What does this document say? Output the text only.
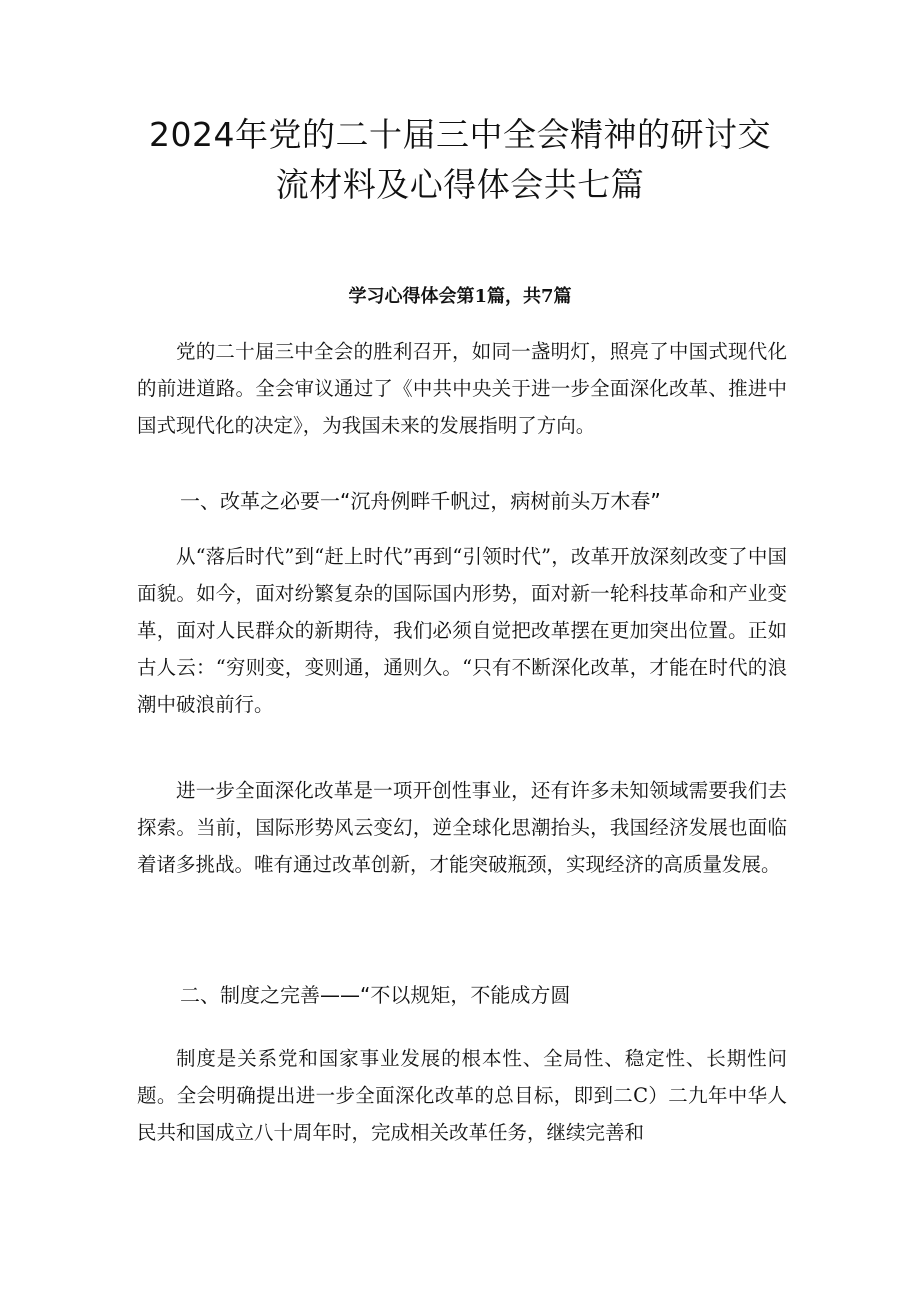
2024年党的二十届三中全会精神的研讨交
流材料及心得体会共七篇

学习心得体会第1篇，共7篇

党的二十届三中全会的胜利召开，如同一盏明灯，照亮了中国式现代化的前进道路。全会审议通过了《中共中央关于进一步全面深化改革、推进中国式现代化的决定》，为我国未来的发展指明了方向。

一、改革之必要一“沉舟例畔千帆过，病树前头万木春”

从“落后时代”到“赶上时代”再到“引领时代”，改革开放深刻改变了中国面貌。如今，面对纷繁复杂的国际国内形势，面对新一轮科技革命和产业变革，面对人民群众的新期待，我们必须自觉把改革摆在更加突出位置。正如古人云：“穷则变，变则通，通则久。“只有不断深化改革，才能在时代的浪潮中破浪前行。

进一步全面深化改革是一项开创性事业，还有许多未知领域需要我们去探索。当前，国际形势风云变幻，逆全球化思潮抬头，我国经济发展也面临着诸多挑战。唯有通过改革创新，才能突破瓶颈，实现经济的高质量发展。

二、制度之完善——“不以规矩，不能成方圆

制度是关系党和国家事业发展的根本性、全局性、稳定性、长期性问题。全会明确提出进一步全面深化改革的总目标，即到二C）二九年中华人民共和国成立八十周年时，完成相关改革任务，继续完善和
